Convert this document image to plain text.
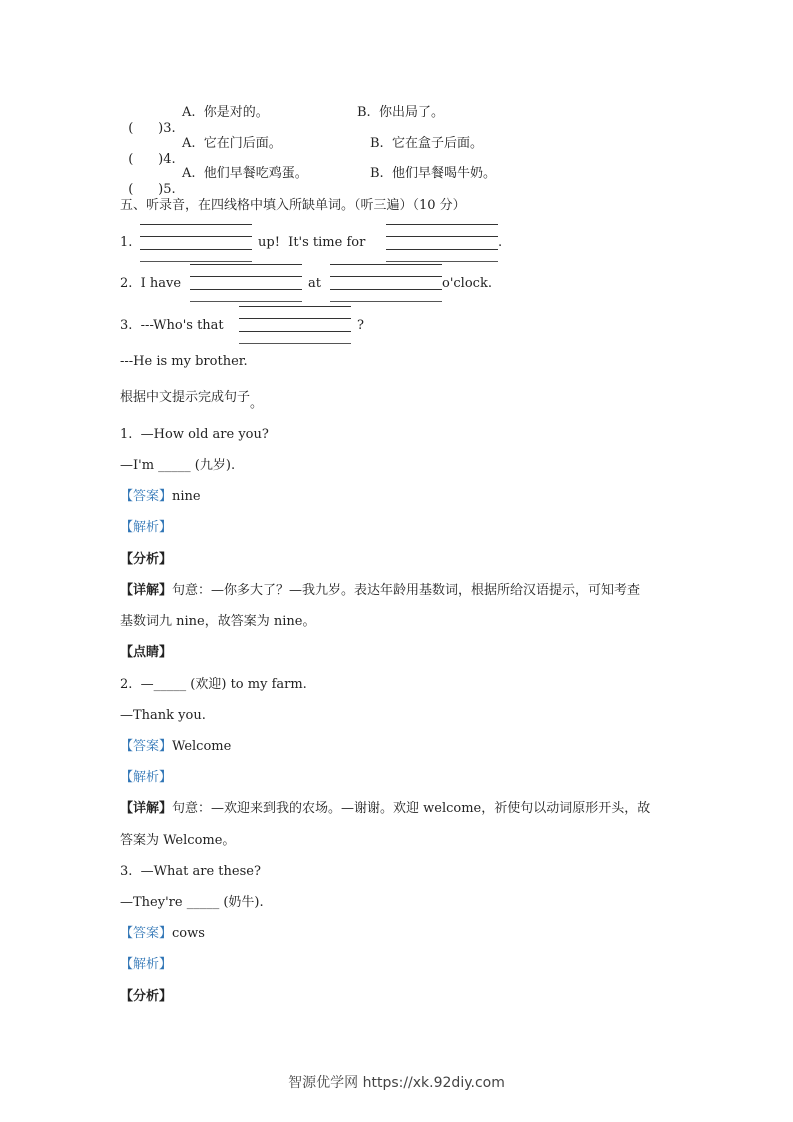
(      )3.

A.  你是对的。	B.  你出局了。

(      )4.

A.  它在门后面。	B.  它在盒子后面。

(      )5.

A.  他们早餐吃鸡蛋。	B.  他们早餐喝牛奶。
五、听录音，在四线格中填入所缺单词。（听三遍）（10 分）
1.	up!  It's time for	.
2.  I have	at	o'clock.
3.  ---Who's that	?
---He is my brother.
根据中文提示完成句子。
1.  —How old are you?
—I'm _____ (九岁).
【答案】nine
【解析】
【分析】
【详解】句意：—你多大了？—我九岁。表达年龄用基数词，根据所给汉语提示，可知考查
基数词九 nine，故答案为 nine。
【点睛】
2.  —_____ (欢迎) to my farm.
—Thank you.
【答案】Welcome
【解析】
【详解】句意：—欢迎来到我的农场。—谢谢。欢迎 welcome，祈使句以动词原形开头，故
答案为 Welcome。
3.  —What are these?
—They're _____ (奶牛).
【答案】cows
【解析】
【分析】
智源优学网 https://xk.92diy.com
